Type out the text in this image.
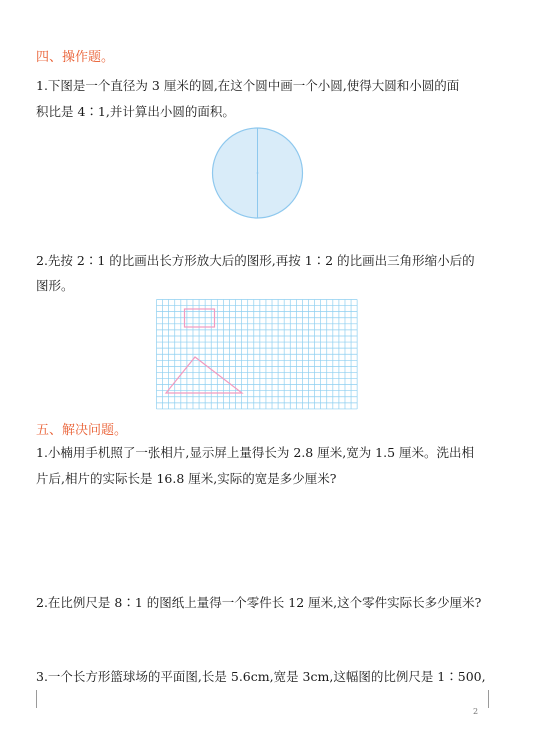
四、操作题。
1.下图是一个直径为 3 厘米的圆,在这个圆中画一个小圆,使得大圆和小圆的面
积比是 4∶1,并计算出小圆的面积。
2.先按 2∶1 的比画出长方形放大后的图形,再按 1∶2 的比画出三角形缩小后的
图形。
五、解决问题。
1.小楠用手机照了一张相片,显示屏上量得长为 2.8 厘米,宽为 1.5 厘米。洗出相
片后,相片的实际长是 16.8 厘米,实际的宽是多少厘米?
2.在比例尺是 8∶1 的图纸上量得一个零件长 12 厘米,这个零件实际长多少厘米?
3.一个长方形篮球场的平面图,长是 5.6cm,宽是 3cm,这幅图的比例尺是 1∶500,
2
